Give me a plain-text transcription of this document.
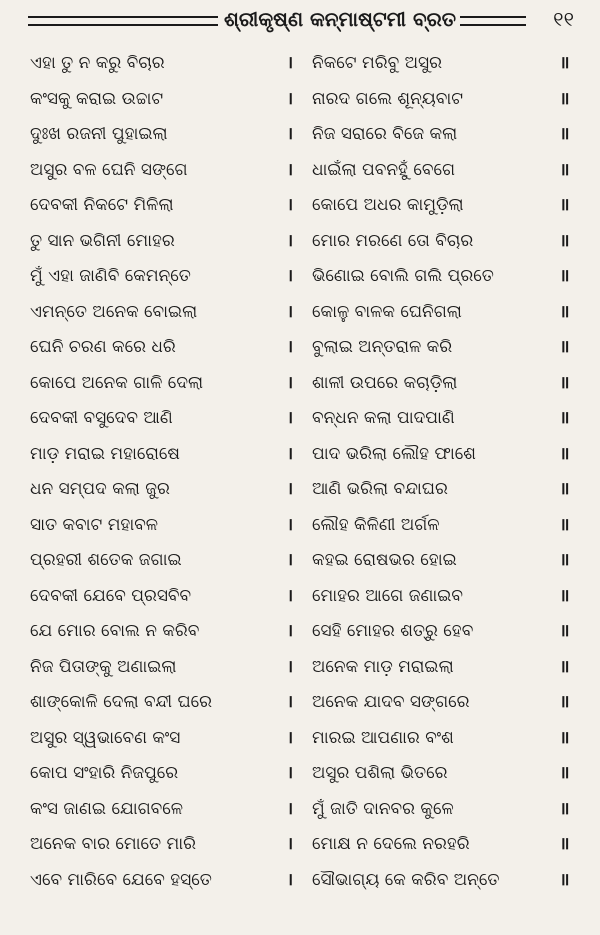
ଶ୍ରୀକୃଷ୍ଣ କନ୍ମାଷ୍ଟମୀ ବ୍ରତ	୧୧
ଏହା ତୁ ନ କରୁ ବିଚାର	। ନିକଟେ ମରିବୁ ଅସୁର	॥
କଂସକୁ କରାଇ ଉଚ୍ଚାଟ	। ନାରଦ ଗଲେ ଶୂନ୍ୟବାଟ	॥
ଦୁଃଖ ରଜନୀ ପୁହାଇଲା	। ନିଜ ସରାରେ ବିଜେ କଲା	॥
ଅସୁର ବଳ ଘେନି ସଙ୍ଗେ	। ଧାଇଁଲା ପବନହୁଁ ବେଗେ	॥
ଦେବକୀ ନିକଟେ ମିଳିଲା	। କୋପେ ଅଧର କାମୁଡ଼ିଲା	॥
ତୁ ସାନ ଭଗିନୀ ମୋହର	। ମୋର ମରଣେ ତୋ ବିଚାର	॥
ମୁଁ ଏହା ଜାଣିବି କେମନ୍ତେ	। ଭିଣୋଇ ବୋଲି ଗଲି ପ୍ରତେ	॥
ଏମନ୍ତେ ଅନେକ ବୋଇଲା	। କୋଳୁ ବାଳକ ଘେନିଗଲା	॥
ଘେନି ଚରଣ କରେ ଧରି	। ବୁଲାଇ ଅନ୍ତରାଳ କରି	॥
କୋପେ ଅନେକ ଗାଳି ଦେଲା	। ଶାଳୀ ଉପରେ କଚାଡ଼ିଲା	॥
ଦେବକୀ ବସୁଦେବ ଆଣି	। ବନ୍ଧନ କଲା ପାଦପାଣି	॥
ମାଡ଼ ମରାଇ ମହାରୋଷେ	। ପାଦ ଭରିଲା ଲୌହ ଫାଶେ	॥
ଧନ ସମ୍ପଦ କଲା ଜୁର	। ଆଣି ଭରିଲା ବନ୍ଦାଘର	॥
ସାତ କବାଟ ମହାବଳ	। ଲୌହ କିଳିଣୀ ଅର୍ଗଳ	॥
ପ୍ରହରୀ ଶତେକ ଜଗାଇ	। କହଇ ରୋଷଭର ହୋଇ	॥
ଦେବକୀ ଯେବେ ପ୍ରସବିବ	। ମୋହର ଆଗେ ଜଣାଇବ	॥
ଯେ ମୋର ବୋଲ ନ କରିବ	। ସେହି ମୋହର ଶତ୍ରୁ ହେବ	॥
ନିଜ ପିତାଙ୍କୁ ଅଣାଇଲା	। ଅନେକ ମାଡ଼ ମରାଇଲା	॥
ଶାଙ୍କୋଳି ଦେଲା ବନ୍ଦୀ ଘରେ	। ଅନେକ ଯାଦବ ସଙ୍ଗରେ	॥
ଅସୁର ସ୍ୱଭାବେଣ କଂସ	। ମାରଇ ଆପଣାର ବଂଶ	॥
କୋପ ସଂହାରି ନିଜପୁରେ	। ଅସୁର ପଶିଲା ଭିତରେ	॥
କଂସ ଜାଣଇ ଯୋଗବଳେ	। ମୁଁ ଜାତି ଦାନବର କୁଳେ	॥
ଅନେକ ବାର ମୋତେ ମାରି	। ମୋକ୍ଷ ନ ଦେଲେ ନରହରି	॥
ଏବେ ମାରିବେ ଯେବେ ହସ୍ତେ	। ସୌଭାଗ୍ୟ କେ କରିବ ଅନ୍ତେ	॥
